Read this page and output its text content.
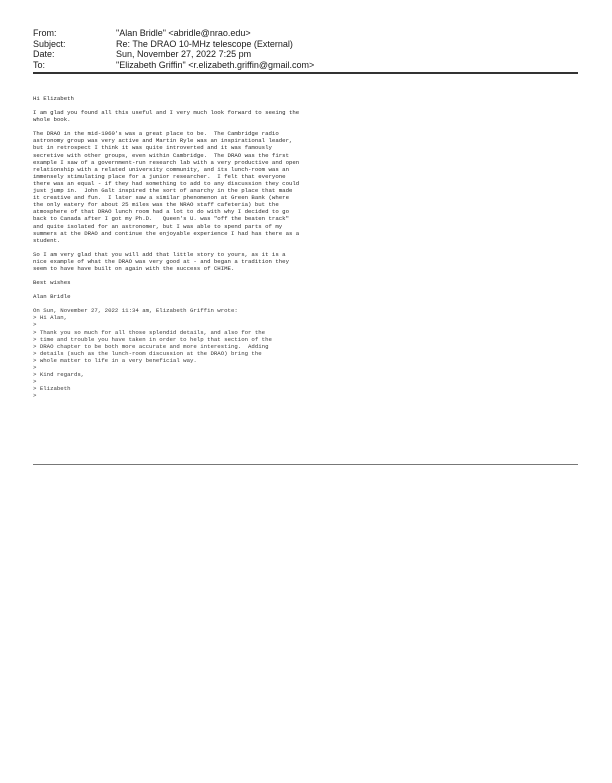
From:	"Alan Bridle" <abridle@nrao.edu>
Subject:	Re: The DRAO 10-MHz telescope (External)
Date:	Sun, November 27, 2022 7:25 pm
To:	"Elizabeth Griffin" <r.elizabeth.griffin@gmail.com>
Hi Elizabeth
I am glad you found all this useful and I very much look forward to seeing the
whole book.
The DRAO in the mid-1960's was a great place to be.  The Cambridge radio
astronomy group was very active and Martin Ryle was an inspirational leader,
but in retrospect I think it was quite introverted and it was famously
secretive with other groups, even within Cambridge.  The DRAO was the first
example I saw of a government-run research lab with a very productive and open
relationship with a related university community, and its lunch-room was an
immensely stimulating place for a junior researcher.  I felt that everyone
there was an equal - if they had something to add to any discussion they could
just jump in.  John Galt inspired the sort of anarchy in the place that made
it creative and fun.  I later saw a similar phenomenon at Green Bank (where
the only eatery for about 25 miles was the NRAO staff cafeteria) but the
atmosphere of that DRAO lunch room had a lot to do with why I decided to go
back to Canada after I got my Ph.D.   Queen's U. was "off the beaten track"
and quite isolated for an astronomer, but I was able to spend parts of my
summers at the DRAO and continue the enjoyable experience I had has there as a
student.
So I am very glad that you will add that little story to yours, as it is a
nice example of what the DRAO was very good at - and began a tradition they
seem to have have built on again with the success of CHIME.
Best wishes
Alan Bridle
On Sun, November 27, 2022 11:34 am, Elizabeth Griffin wrote:
> Hi Alan,
>
> Thank you so much for all those splendid details, and also for the
> time and trouble you have taken in order to help that section of the
> DRAO chapter to be both more accurate and more interesting.  Adding
> details (such as the lunch-room discussion at the DRAO) bring the
> whole matter to life in a very beneficial way.
>
> Kind regards,
>
> Elizabeth
>
